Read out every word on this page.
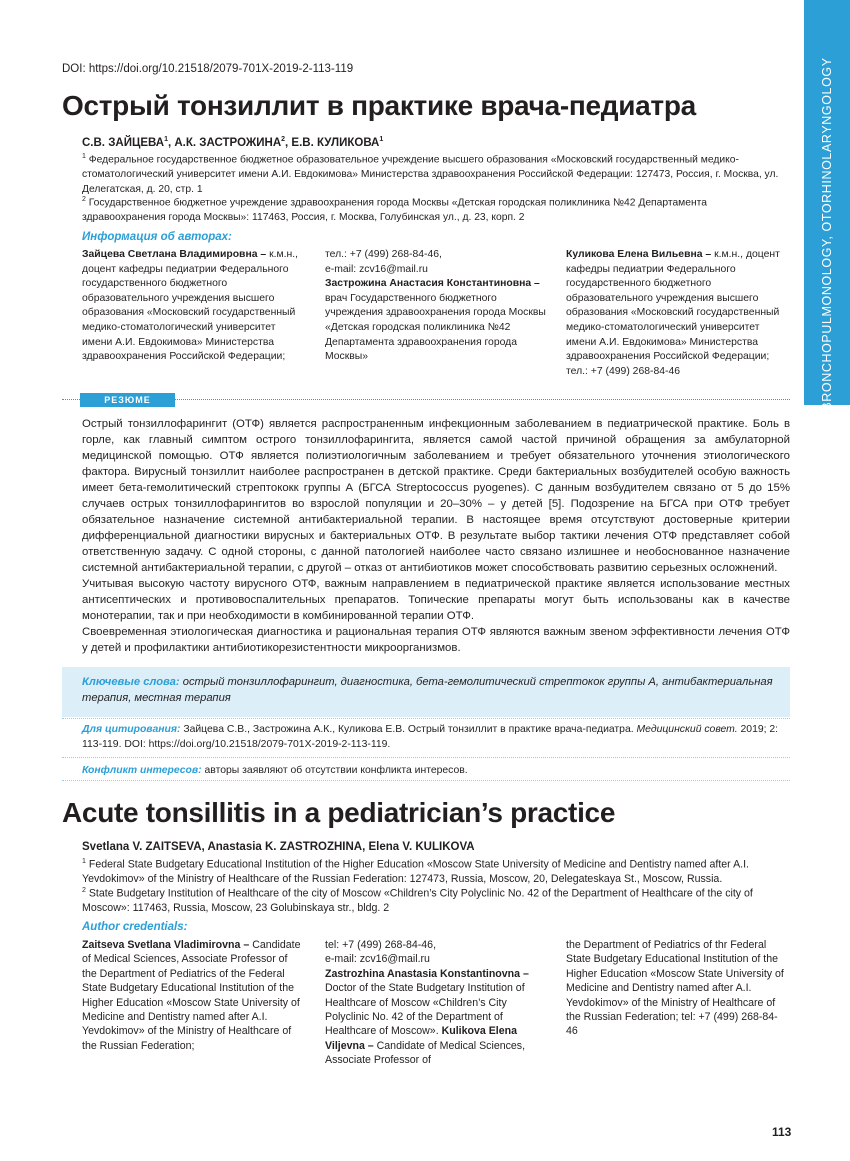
BRONCHOPULMONOLOGY, OTORHINOLARYNGOLOGY
DOI: https://doi.org/10.21518/2079-701X-2019-2-113-119
Острый тонзиллит в практике врача-педиатра
С.В. ЗАЙЦЕВА$^1$, А.К. ЗАСТРОЖИНА$^2$, Е.В. КУЛИКОВА$^1$
$^1$ Федеральное государственное бюджетное образовательное учреждение высшего образования «Московский государственный медико-стоматологический университет имени А.И. Евдокимова» Министерства здравоохранения Российской Федерации: 127473, Россия, г. Москва, ул. Делегатская, д. 20, стр. 1
$^2$ Государственное бюджетное учреждение здравоохранения города Москвы «Детская городская поликлиника №42 Департамента здравоохранения города Москвы»: 117463, Россия, г. Москва, Голубинская ул., д. 23, корп. 2
Информация об авторах:
Зайцева Светлана Владимировна – к.м.н., доцент кафедры педиатрии Федерального государственного бюджетного образовательного учреждения высшего образования «Московский государственный медико-стоматологический университет имени А.И. Евдокимова» Министерства здравоохранения Российской Федерации;
тел.: +7 (499) 268-84-46,
e-mail: zcv16@mail.ru
Застрожина Анастасия Константиновна – врач Государственного бюджетного учреждения здравоохранения города Москвы «Детская городская поликлиника №42 Департамента здравоохранения города Москвы»
Куликова Елена Вильевна – к.м.н., доцент кафедры педиатрии Федерального государственного бюджетного образовательного учреждения высшего образования «Московский государственный медико-стоматологический университет имени А.И. Евдокимова» Министерства здравоохранения Российской Федерации; тел.: +7 (499) 268-84-46
РЕЗЮМЕ

Острый тонзиллофарингит (ОТФ) является распространенным инфекционным заболеванием в педиатрической практике. Боль в горле, как главный симптом острого тонзиллофарингита, является самой частой причиной обращения за амбулаторной медицинской помощью. ОТФ является полиэтиологичным заболеванием и требует обязательного уточнения этиологического фактора. Вирусный тонзиллит наиболее распространен в детской практике. Среди бактериальных возбудителей особую важность имеет бета-гемолитический стрептококк группы А (БГСА Streptococcus pyogenes). С данным возбудителем связано от 5 до 15% случаев острых тонзиллофарингитов во взрослой популяции и 20–30% – у детей [5]. Подозрение на БГСА при ОТФ требует обязательное назначение системной антибактериальной терапии. В настоящее время отсутствуют достоверные критерии дифференциальной диагностики вирусных и бактериальных ОТФ. В результате выбор тактики лечения ОТФ представляет собой ответственную задачу. С одной стороны, с данной патологией наиболее часто связано излишнее и необоснованное назначение системной антибактериальной терапии, с другой – отказ от антибиотиков может способствовать развитию серьезных осложнений.

Учитывая высокую частоту вирусного ОТФ, важным направлением в педиатрической практике является использование местных антисептических и противовоспалительных препаратов. Топические препараты могут быть использованы как в качестве монотерапии, так и при необходимости в комбинированной терапии ОТФ.

Своевременная этиологическая диагностика и рациональная терапия ОТФ являются важным звеном эффективности лечения ОТФ у детей и профилактики антибиотикорезистентности микроорганизмов.

Ключевые слова: острый тонзиллофарингит, диагностика, бета-гемолитический стрептокок группы А, антибактериальная терапия, местная терапия
Для цитирования: Зайцева С.В., Застрожина А.К., Куликова Е.В. Острый тонзиллит в практике врача-педиатра. Медицинский совет. 2019; 2: 113-119. DOI: https://doi.org/10.21518/2079-701X-2019-2-113-119.
Конфликт интересов: авторы заявляют об отсутствии конфликта интересов.
Acute tonsillitis in a pediatrician’s practice
Svetlana V. ZAITSEVA, Anastasia K. ZASTROZHINA, Elena V. KULIKOVA
$^1$ Federal State Budgetary Educational Institution of the Higher Education «Moscow State University of Medicine and Dentistry named after A.I. Yevdokimov» of the Ministry of Healthcare of the Russian Federation: 127473, Russia, Moscow, 20, Delegateskaya St., Moscow, Russia.
$^2$ State Budgetary Institution of Healthcare of the city of Moscow «Children’s City Polyclinic No. 42 of the Department of Healthcare of the city of Moscow»: 117463, Russia, Moscow, 23 Golubinskaya str., bldg. 2
Author credentials:
Zaitseva Svetlana Vladimirovna – Candidate of Medical Sciences, Associate Professor of the Department of Pediatrics of the Federal State Budgetary Educational Institution of the Higher Education «Moscow State University of Medicine and Dentistry named after A.I. Yevdokimov» of the Ministry of Healthcare of the Russian Federation;
tel: +7 (499) 268-84-46,
e-mail: zcv16@mail.ru
Zastrozhina Anastasia Konstantinovna – Doctor of the State Budgetary Institution of Healthcare of Moscow «Children’s City Polyclinic No. 42 of the Department of Healthcare of Moscow». Kulikova Elena Viljevna – Candidate of Medical Sciences, Associate Professor of
the Department of Pediatrics of thr Federal State Budgetary Educational Institution of the Higher Education «Moscow State University of Medicine and Dentistry named after A.I. Yevdokimov» of the Ministry of Healthcare of the Russian Federation; tel: +7 (499) 268-84-46
113
